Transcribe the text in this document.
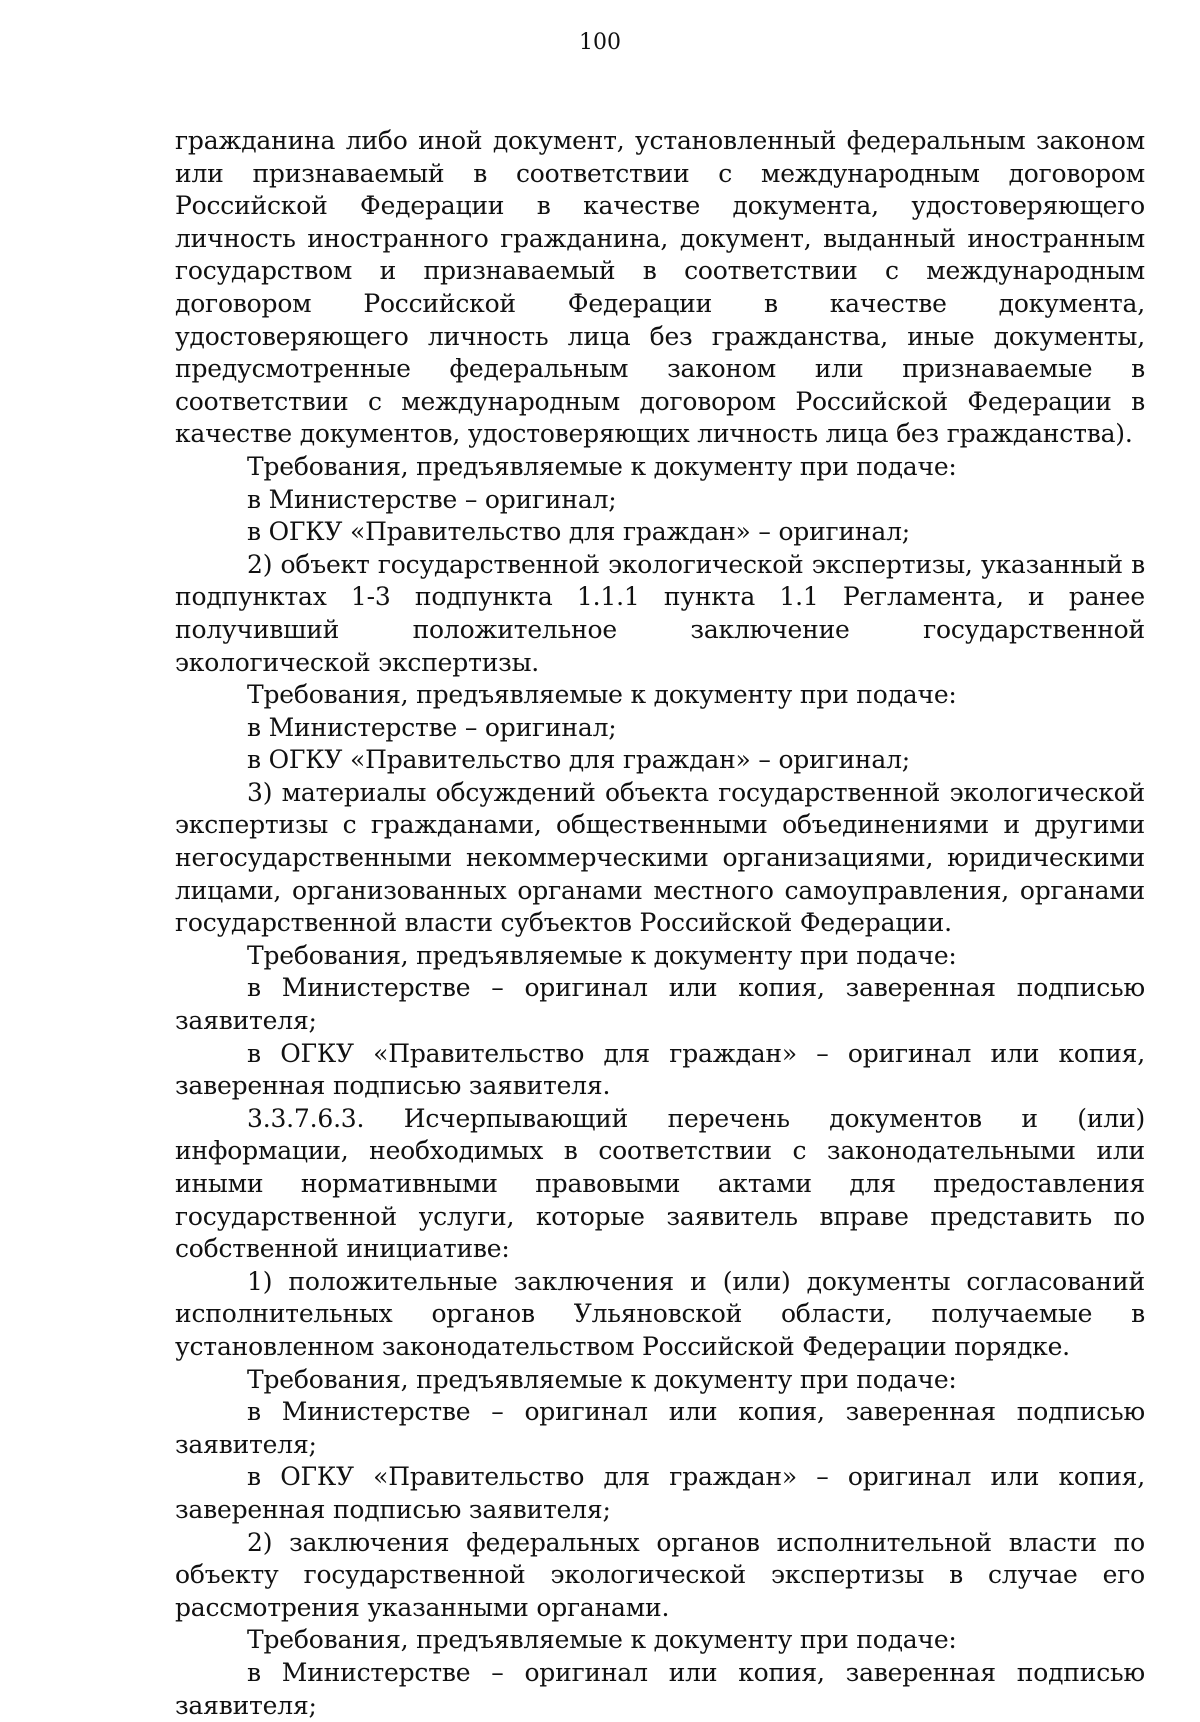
100

гражданина либо иной документ, установленный федеральным законом или признаваемый в соответствии с международным договором Российской Федерации в качестве документа, удостоверяющего личность иностранного гражданина, документ, выданный иностранным государством и признаваемый в соответствии с международным договором Российской Федерации в качестве документа, удостоверяющего личность лица без гражданства, иные документы, предусмотренные федеральным законом или признаваемые в соответствии с международным договором Российской Федерации в качестве документов, удостоверяющих личность лица без гражданства).

Требования, предъявляемые к документу при подаче:

в Министерстве – оригинал;

в ОГКУ «Правительство для граждан» – оригинал;

2) объект государственной экологической экспертизы, указанный в подпунктах 1-3 подпункта 1.1.1 пункта 1.1 Регламента, и ранее получивший положительное заключение государственной экологической экспертизы.

Требования, предъявляемые к документу при подаче:

в Министерстве – оригинал;

в ОГКУ «Правительство для граждан» – оригинал;

3) материалы обсуждений объекта государственной экологической экспертизы с гражданами, общественными объединениями и другими негосударственными некоммерческими организациями, юридическими лицами, организованных органами местного самоуправления, органами государственной власти субъектов Российской Федерации.

Требования, предъявляемые к документу при подаче:

в Министерстве – оригинал или копия, заверенная подписью заявителя;

в ОГКУ «Правительство для граждан» – оригинал или копия, заверенная подписью заявителя.

3.3.7.6.3. Исчерпывающий перечень документов и (или) информации, необходимых в соответствии с законодательными или иными нормативными правовыми актами для предоставления государственной услуги, которые заявитель вправе представить по собственной инициативе:

1) положительные заключения и (или) документы согласований исполнительных органов Ульяновской области, получаемые в установленном законодательством Российской Федерации порядке.

Требования, предъявляемые к документу при подаче:

в Министерстве – оригинал или копия, заверенная подписью заявителя;

в ОГКУ «Правительство для граждан» – оригинал или копия, заверенная подписью заявителя;

2) заключения федеральных органов исполнительной власти по объекту государственной экологической экспертизы в случае его рассмотрения указанными органами.

Требования, предъявляемые к документу при подаче:

в Министерстве – оригинал или копия, заверенная подписью заявителя;
